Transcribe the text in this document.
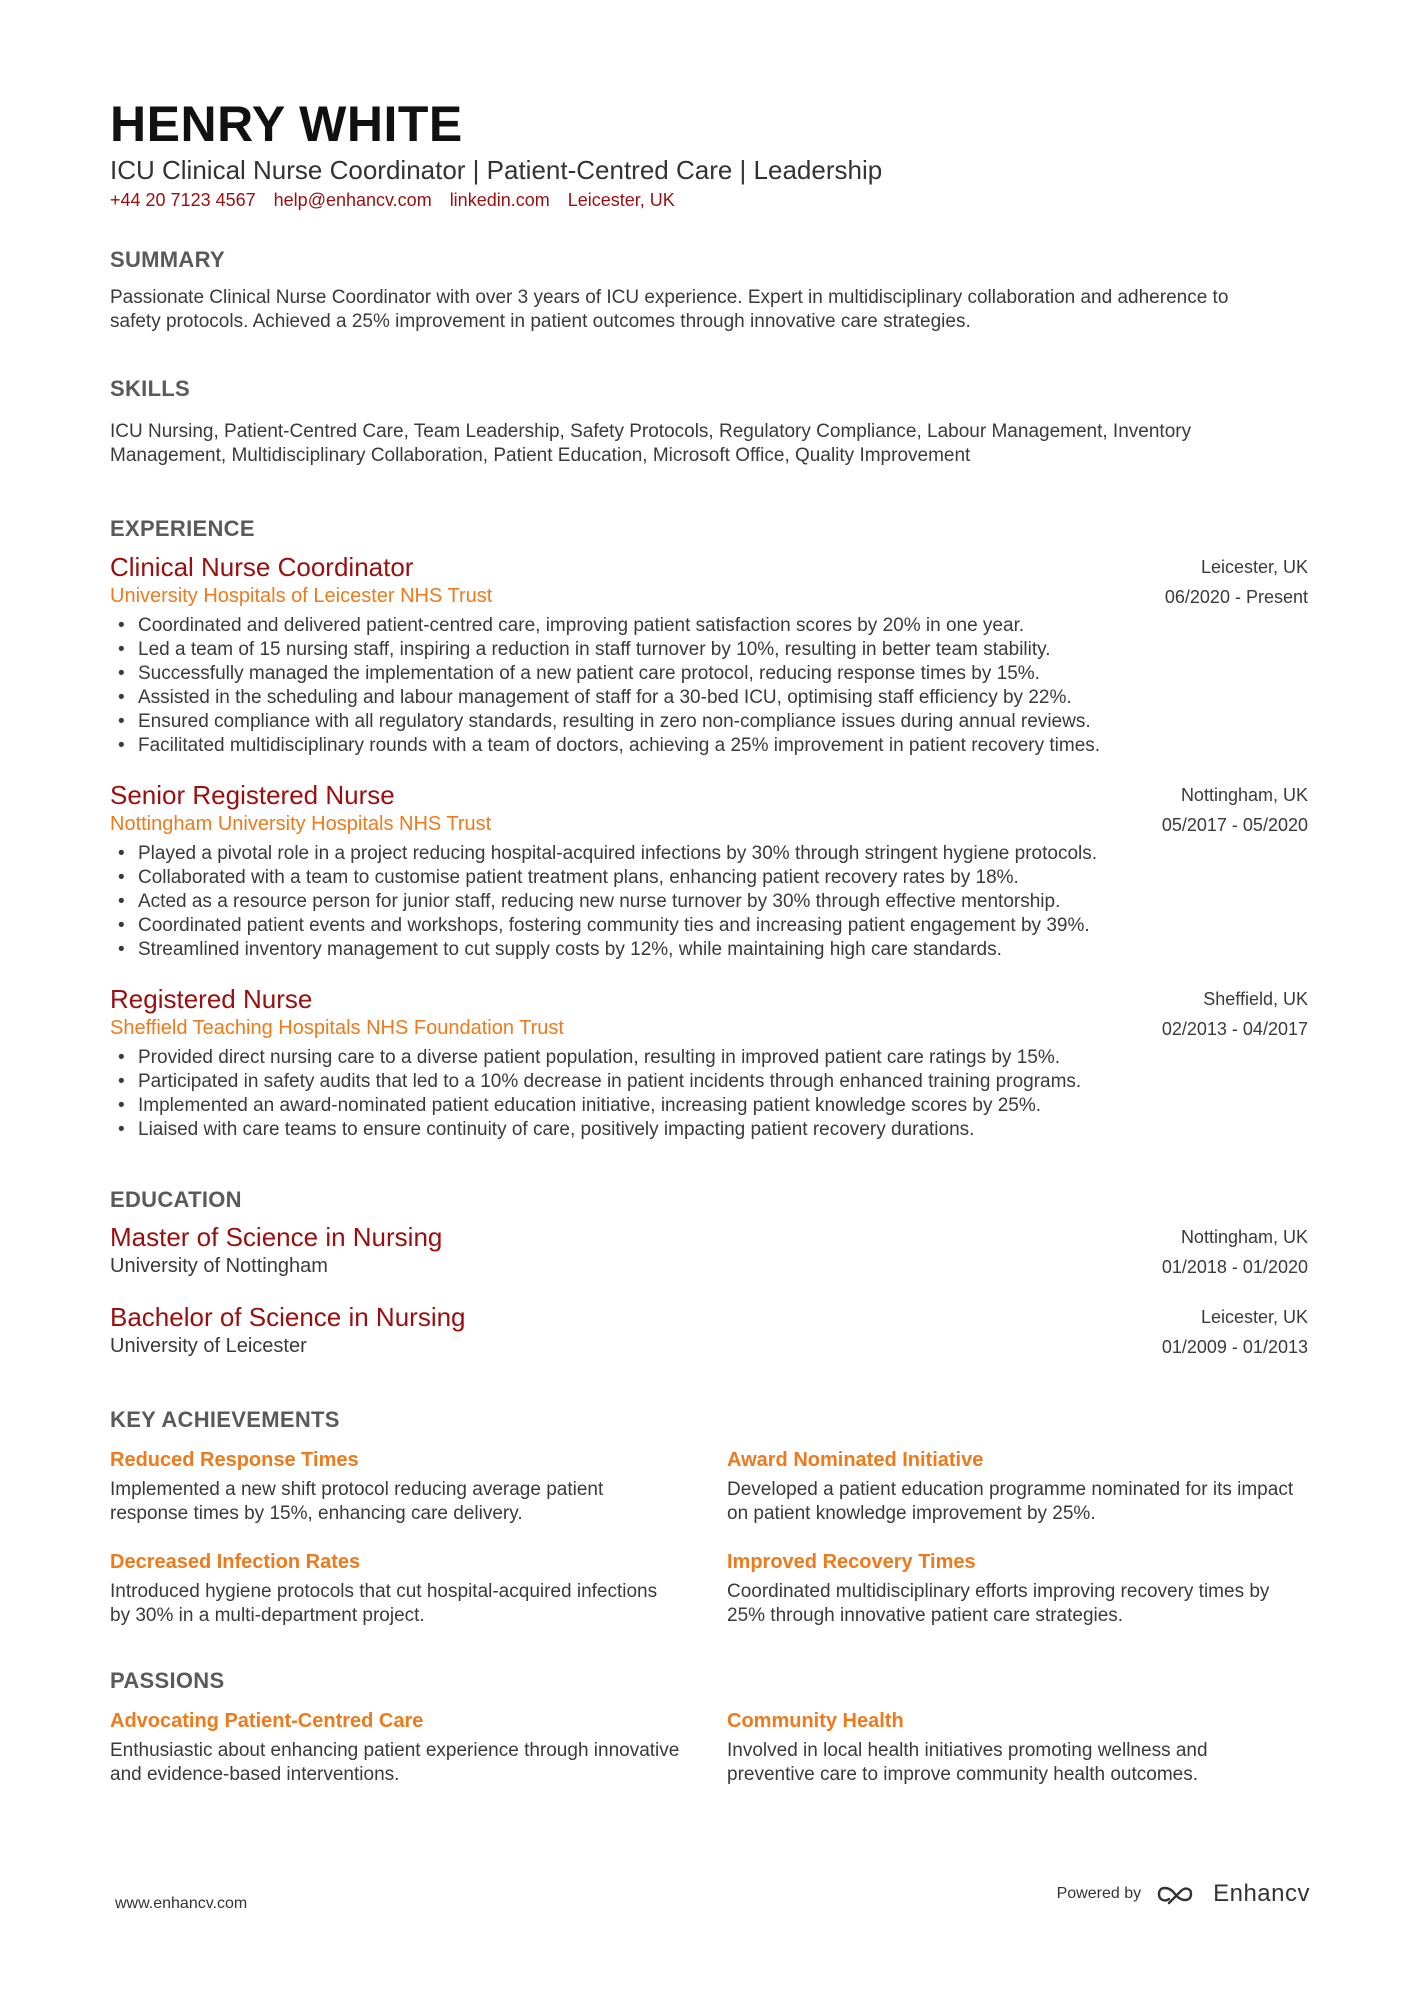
HENRY WHITE
ICU Clinical Nurse Coordinator | Patient-Centred Care | Leadership
+44 20 7123 4567 help@enhancv.com linkedin.com Leicester, UK
SUMMARY
Passionate Clinical Nurse Coordinator with over 3 years of ICU experience. Expert in multidisciplinary collaboration and adherence to safety protocols. Achieved a 25% improvement in patient outcomes through innovative care strategies.
SKILLS
ICU Nursing, Patient-Centred Care, Team Leadership, Safety Protocols, Regulatory Compliance, Labour Management, Inventory Management, Multidisciplinary Collaboration, Patient Education, Microsoft Office, Quality Improvement
EXPERIENCE
Clinical Nurse Coordinator
University Hospitals of Leicester NHS Trust
Leicester, UK
06/2020 - Present
• Coordinated and delivered patient-centred care, improving patient satisfaction scores by 20% in one year.
• Led a team of 15 nursing staff, inspiring a reduction in staff turnover by 10%, resulting in better team stability.
• Successfully managed the implementation of a new patient care protocol, reducing response times by 15%.
• Assisted in the scheduling and labour management of staff for a 30-bed ICU, optimising staff efficiency by 22%.
• Ensured compliance with all regulatory standards, resulting in zero non-compliance issues during annual reviews.
• Facilitated multidisciplinary rounds with a team of doctors, achieving a 25% improvement in patient recovery times.
Senior Registered Nurse
Nottingham University Hospitals NHS Trust
Nottingham, UK
05/2017 - 05/2020
• Played a pivotal role in a project reducing hospital-acquired infections by 30% through stringent hygiene protocols.
• Collaborated with a team to customise patient treatment plans, enhancing patient recovery rates by 18%.
• Acted as a resource person for junior staff, reducing new nurse turnover by 30% through effective mentorship.
• Coordinated patient events and workshops, fostering community ties and increasing patient engagement by 39%.
• Streamlined inventory management to cut supply costs by 12%, while maintaining high care standards.
Registered Nurse
Sheffield Teaching Hospitals NHS Foundation Trust
Sheffield, UK
02/2013 - 04/2017
• Provided direct nursing care to a diverse patient population, resulting in improved patient care ratings by 15%.
• Participated in safety audits that led to a 10% decrease in patient incidents through enhanced training programs.
• Implemented an award-nominated patient education initiative, increasing patient knowledge scores by 25%.
• Liaised with care teams to ensure continuity of care, positively impacting patient recovery durations.
EDUCATION
Master of Science in Nursing
University of Nottingham
Nottingham, UK
01/2018 - 01/2020
Bachelor of Science in Nursing
University of Leicester
Leicester, UK
01/2009 - 01/2013
KEY ACHIEVEMENTS
Reduced Response Times
Implemented a new shift protocol reducing average patient response times by 15%, enhancing care delivery.
Award Nominated Initiative
Developed a patient education programme nominated for its impact on patient knowledge improvement by 25%.
Decreased Infection Rates
Introduced hygiene protocols that cut hospital-acquired infections by 30% in a multi-department project.
Improved Recovery Times
Coordinated multidisciplinary efforts improving recovery times by 25% through innovative patient care strategies.
PASSIONS
Advocating Patient-Centred Care
Enthusiastic about enhancing patient experience through innovative and evidence-based interventions.
Community Health
Involved in local health initiatives promoting wellness and preventive care to improve community health outcomes.
www.enhancv.com
Powered by	Enhancv
